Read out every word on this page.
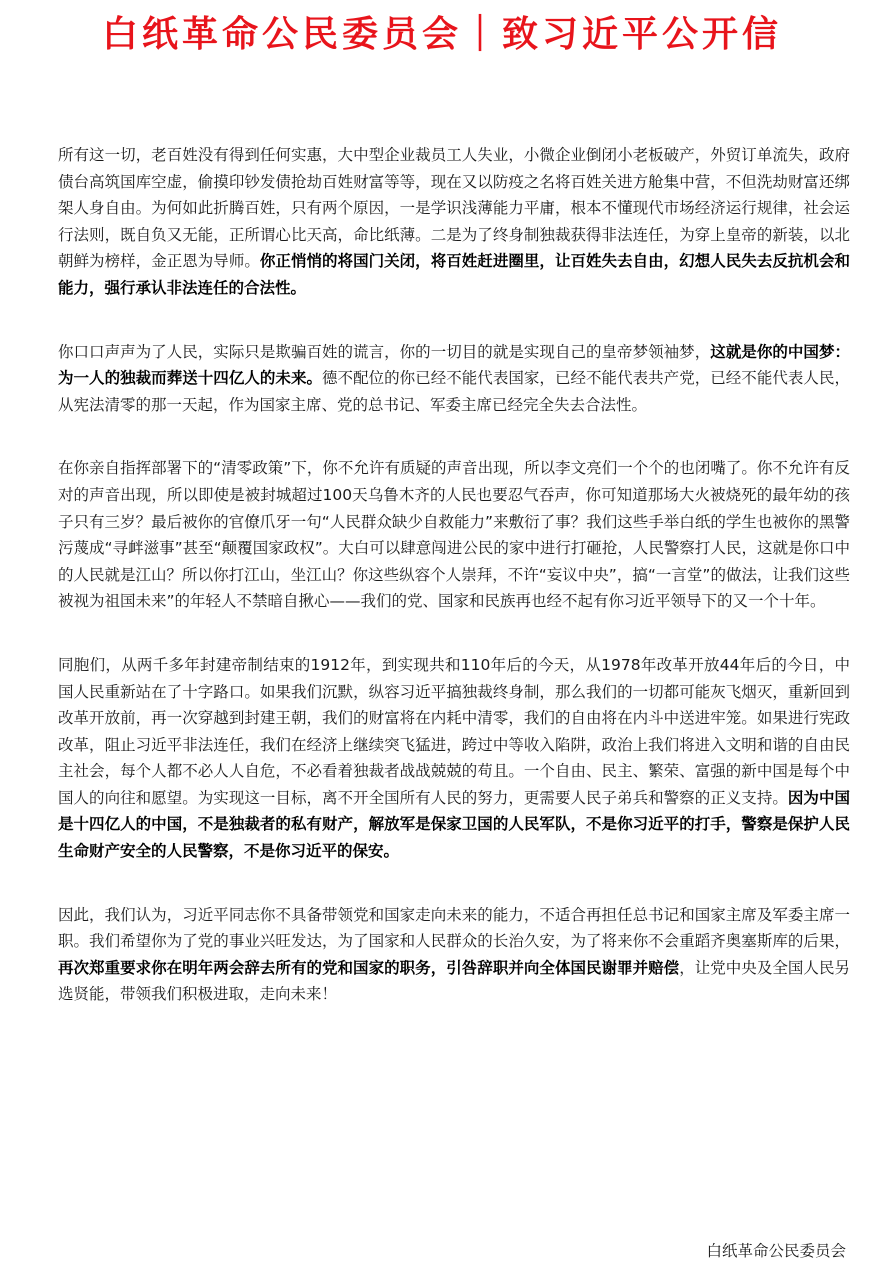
白纸革命公民委员会｜致习近平公开信

所有这一切，老百姓没有得到任何实惠，大中型企业裁员工人失业，小微企业倒闭小老板破产，外贸订单流失，政府债台高筑国库空虚，偷摸印钞发债抢劫百姓财富等等，现在又以防疫之名将百姓关进方舱集中营，不但洗劫财富还绑架人身自由。为何如此折腾百姓，只有两个原因，一是学识浅薄能力平庸，根本不懂现代市场经济运行规律，社会运行法则，既自负又无能，正所谓心比天高，命比纸薄。二是为了终身制独裁获得非法连任，为穿上皇帝的新装，以北朝鲜为榜样，金正恩为导师。你正悄悄的将国门关闭，将百姓赶进圈里，让百姓失去自由，幻想人民失去反抗机会和能力，强行承认非法连任的合法性。

你口口声声为了人民，实际只是欺骗百姓的谎言，你的一切目的就是实现自己的皇帝梦领袖梦，这就是你的中国梦：为一人的独裁而葬送十四亿人的未来。德不配位的你已经不能代表国家，已经不能代表共产党，已经不能代表人民，从宪法清零的那一天起，作为国家主席、党的总书记、军委主席已经完全失去合法性。

在你亲自指挥部署下的“清零政策”下，你不允许有质疑的声音出现，所以李文亮们一个个的也闭嘴了。你不允许有反对的声音出现，所以即使是被封城超过100天乌鲁木齐的人民也要忍气吞声，你可知道那场大火被烧死的最年幼的孩子只有三岁？最后被你的官僚爪牙一句“人民群众缺少自救能力”来敷衍了事？我们这些手举白纸的学生也被你的黑警污蔑成“寻衅滋事”甚至“颠覆国家政权”。大白可以肆意闯进公民的家中进行打砸抢，人民警察打人民，这就是你口中的人民就是江山？所以你打江山，坐江山？你这些纵容个人崇拜，不许“妄议中央”，搞“一言堂”的做法，让我们这些被视为祖国未来”的年轻人不禁暗自揪心——我们的党、国家和民族再也经不起有你习近平领导下的又一个十年。

同胞们，从两千多年封建帝制结束的1912年，到实现共和110年后的今天，从1978年改革开放44年后的今日，中国人民重新站在了十字路口。如果我们沉默，纵容习近平搞独裁终身制，那么我们的一切都可能灰飞烟灭，重新回到改革开放前，再一次穿越到封建王朝，我们的财富将在内耗中清零，我们的自由将在内斗中送进牢笼。如果进行宪政改革，阻止习近平非法连任，我们在经济上继续突飞猛进，跨过中等收入陷阱，政治上我们将进入文明和谐的自由民主社会，每个人都不必人人自危，不必看着独裁者战战兢兢的苟且。一个自由、民主、繁荣、富强的新中国是每个中国人的向往和愿望。为实现这一目标，离不开全国所有人民的努力，更需要人民子弟兵和警察的正义支持。因为中国是十四亿人的中国，不是独裁者的私有财产，解放军是保家卫国的人民军队，不是你习近平的打手，警察是保护人民生命财产安全的人民警察，不是你习近平的保安。

因此，我们认为，习近平同志你不具备带领党和国家走向未来的能力，不适合再担任总书记和国家主席及军委主席一职。我们希望你为了党的事业兴旺发达，为了国家和人民群众的长治久安，为了将来你不会重蹈齐奥塞斯库的后果，再次郑重要求你在明年两会辞去所有的党和国家的职务，引咎辞职并向全体国民谢罪并赔偿，让党中央及全国人民另选贤能，带领我们积极进取，走向未来！

白纸革命公民委员会
